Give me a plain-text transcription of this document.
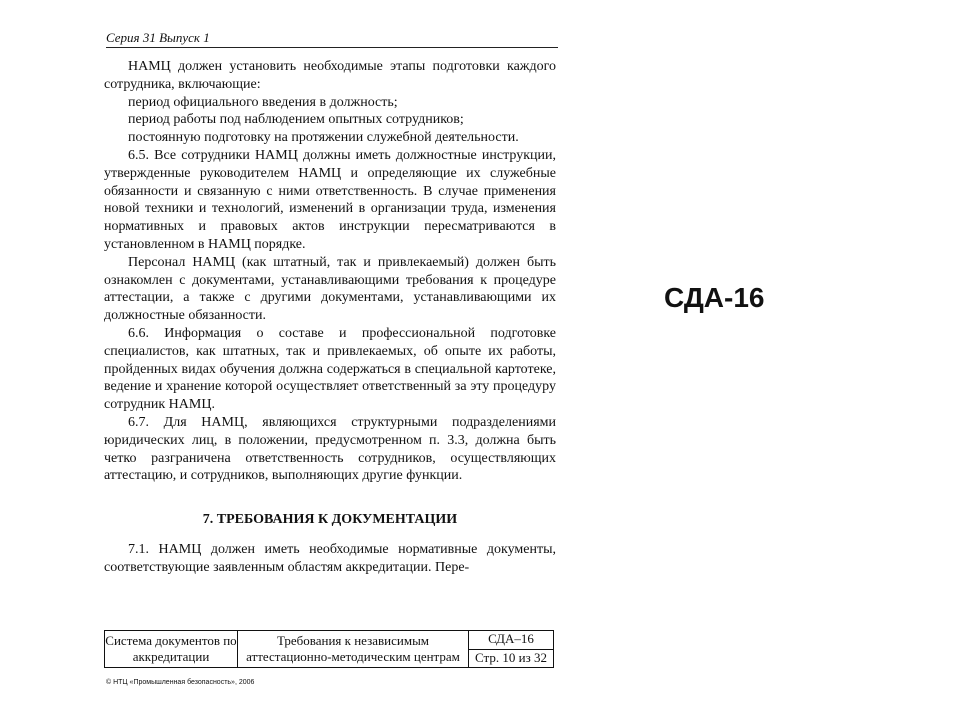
Серия 31 Выпуск 1

НАМЦ должен установить необходимые этапы подготовки каждого сотрудника, включающие:

период официального введения в должность;

период работы под наблюдением опытных сотрудников;

постоянную подготовку на протяжении служебной деятельности.

6.5. Все сотрудники НАМЦ должны иметь должностные инструкции, утвержденные руководителем НАМЦ и определяющие их служебные обязанности и связанную с ними ответственность. В случае применения новой техники и технологий, изменений в организации труда, изменения нормативных и правовых актов инструкции пересматриваются в установленном в НАМЦ порядке.

Персонал НАМЦ (как штатный, так и привлекаемый) должен быть ознакомлен с документами, устанавливающими требования к процедуре аттестации, а также с другими документами, устанавливающими их должностные обязанности.

6.6. Информация о составе и профессиональной подготовке специалистов, как штатных, так и привлекаемых, об опыте их работы, пройденных видах обучения должна содержаться в специальной картотеке, ведение и хранение которой осуществляет ответственный за эту процедуру сотрудник НАМЦ.

6.7. Для НАМЦ, являющихся структурными подразделениями юридических лиц, в положении, предусмотренном п. 3.3, должна быть четко разграничена ответственность сотрудников, осуществляющих аттестацию, и сотрудников, выполняющих другие функции.

7. ТРЕБОВАНИЯ К ДОКУМЕНТАЦИИ

7.1. НАМЦ должен иметь необходимые нормативные документы, соответствующие заявленным областям аккредитации. Пере-

Система документов по аккредитации
Требования к независимым аттестационно-методическим центрам
СДА–16
Стр. 10 из 32
© НТЦ «Промышленная безопасность», 2006
СДА-16
